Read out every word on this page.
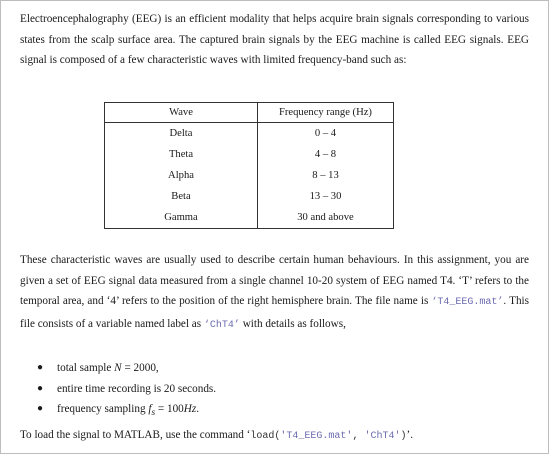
Electroencephalography (EEG) is an efficient modality that helps acquire brain signals corresponding to various states from the scalp surface area. The captured brain signals by the EEG machine is called EEG signals. EEG signal is composed of a few characteristic waves with limited frequency-band such as:

Wave	Frequency range (Hz)
Delta	0 – 4
Theta	4 – 8
Alpha	8 – 13
Beta	13 – 30
Gamma	30 and above

These characteristic waves are usually used to describe certain human behaviours. In this assignment, you are given a set of EEG signal data measured from a single channel 10-20 system of EEG named T4. ‘T’ refers to the temporal area, and ‘4’ refers to the position of the right hemisphere brain. The file name is ‘T4_EEG.mat’. This file consists of a variable named label as ‘ChT4’ with details as follows,

● total sample N = 2000,
● entire time recording is 20 seconds.
● frequency sampling $f_s = 100Hz$.

To load the signal to MATLAB, use the command ‘load('T4_EEG.mat', 'ChT4')’.
